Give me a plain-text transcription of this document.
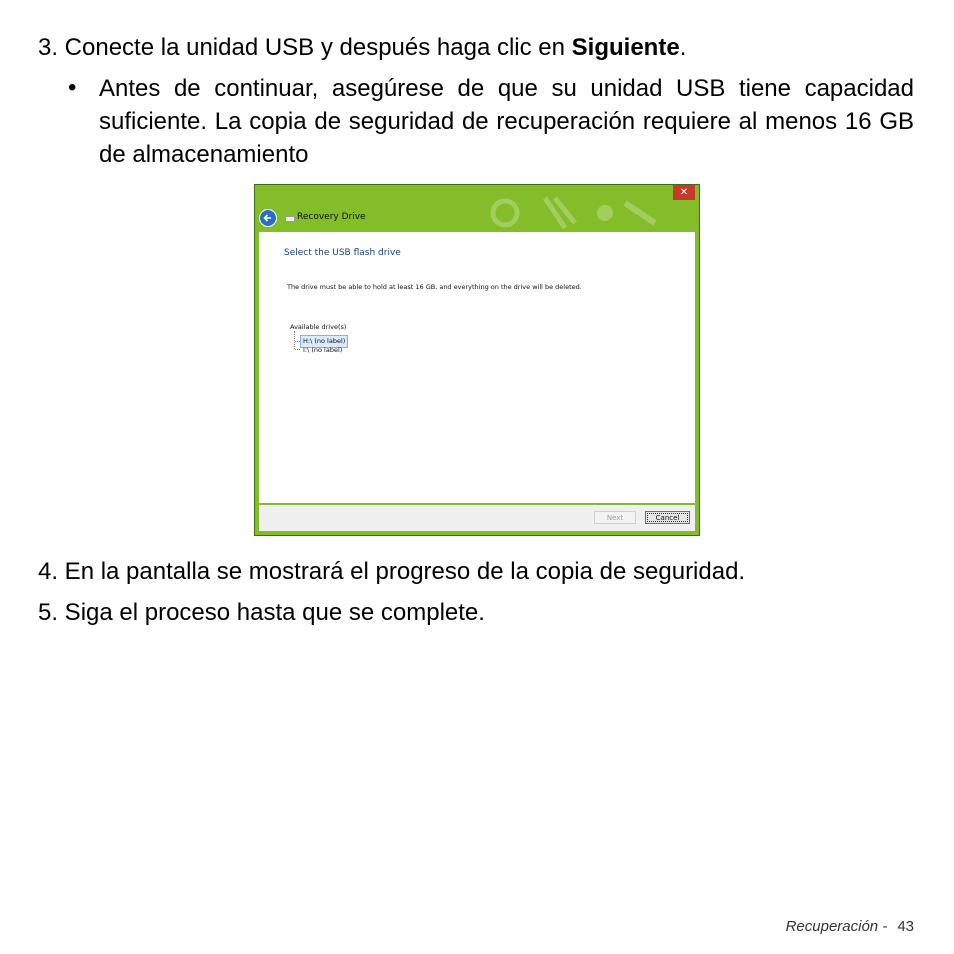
3. Conecte la unidad USB y después haga clic en Siguiente.
• Antes de continuar, asegúrese de que su unidad USB tiene capacidad suficiente. La copia de seguridad de recuperación requiere al menos 16 GB de almacenamiento
✕
Recovery Drive
Select the USB flash drive
The drive must be able to hold at least 16 GB, and everything on the drive will be deleted.
Available drive(s)
H:\ (no label)
I:\ (no label)
Next	Cancel
4. En la pantalla se mostrará el progreso de la copia de seguridad.
5. Siga el proceso hasta que se complete.
Recuperación - 43
